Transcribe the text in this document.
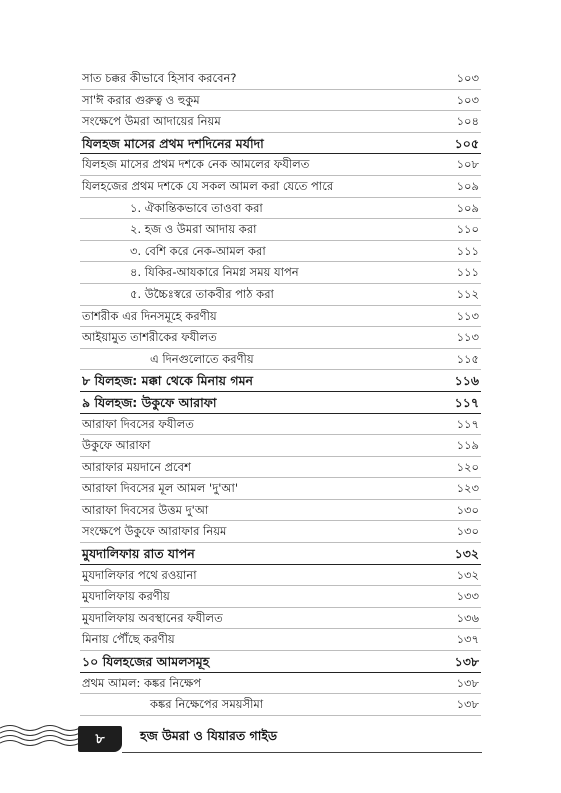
সাত চক্কর কীভাবে হিসাব করবেন?	১০৩
সা'ঈ করার গুরুত্ব ও হুকুম	১০৩
সংক্ষেপে উমরা আদায়ের নিয়ম	১০৪
যিলহজ মাসের প্রথম দশদিনের মর্যাদা	১০৫
যিলহজ মাসের প্রথম দশকে নেক আমলের ফযীলত	১০৮
যিলহজের প্রথম দশকে যে সকল আমল করা যেতে পারে	১০৯
১. ঐকান্তিকভাবে তাওবা করা	১০৯
২. হজ ও উমরা আদায় করা	১১০
৩. বেশি করে নেক-আমল করা	১১১
৪. যিকির-আযকারে নিমগ্ন সময় যাপন	১১১
৫. উচ্চৈঃস্বরে তাকবীর পাঠ করা	১১২
তাশরীক এর দিনসমূহে করণীয়	১১৩
আইয়ামুত তাশরীকের ফযীলত	১১৩
এ দিনগুলোতে করণীয়	১১৫
৮ যিলহজ: মক্কা থেকে মিনায় গমন	১১৬
৯ যিলহজ: উকুফে আরাফা	১১৭
আরাফা দিবসের ফযীলত	১১৭
উকুফে আরাফা	১১৯
আরাফার ময়দানে প্রবেশ	১২০
আরাফা দিবসের মূল আমল 'দু'আ'	১২৩
আরাফা দিবসের উত্তম দু'আ	১৩০
সংক্ষেপে উকুফে আরাফার নিয়ম	১৩০
মুযদালিফায় রাত যাপন	১৩২
মুযদালিফার পথে রওয়ানা	১৩২
মুযদালিফায় করণীয়	১৩৩
মুযদালিফায় অবস্থানের ফযীলত	১৩৬
মিনায় পৌঁছে করণীয়	১৩৭
১০ যিলহজের আমলসমূহ	১৩৮
প্রথম আমল: কঙ্কর নিক্ষেপ	১৩৮
কঙ্কর নিক্ষেপের সময়সীমা	১৩৮
৮	হজ উমরা ও যিয়ারত গাইড
